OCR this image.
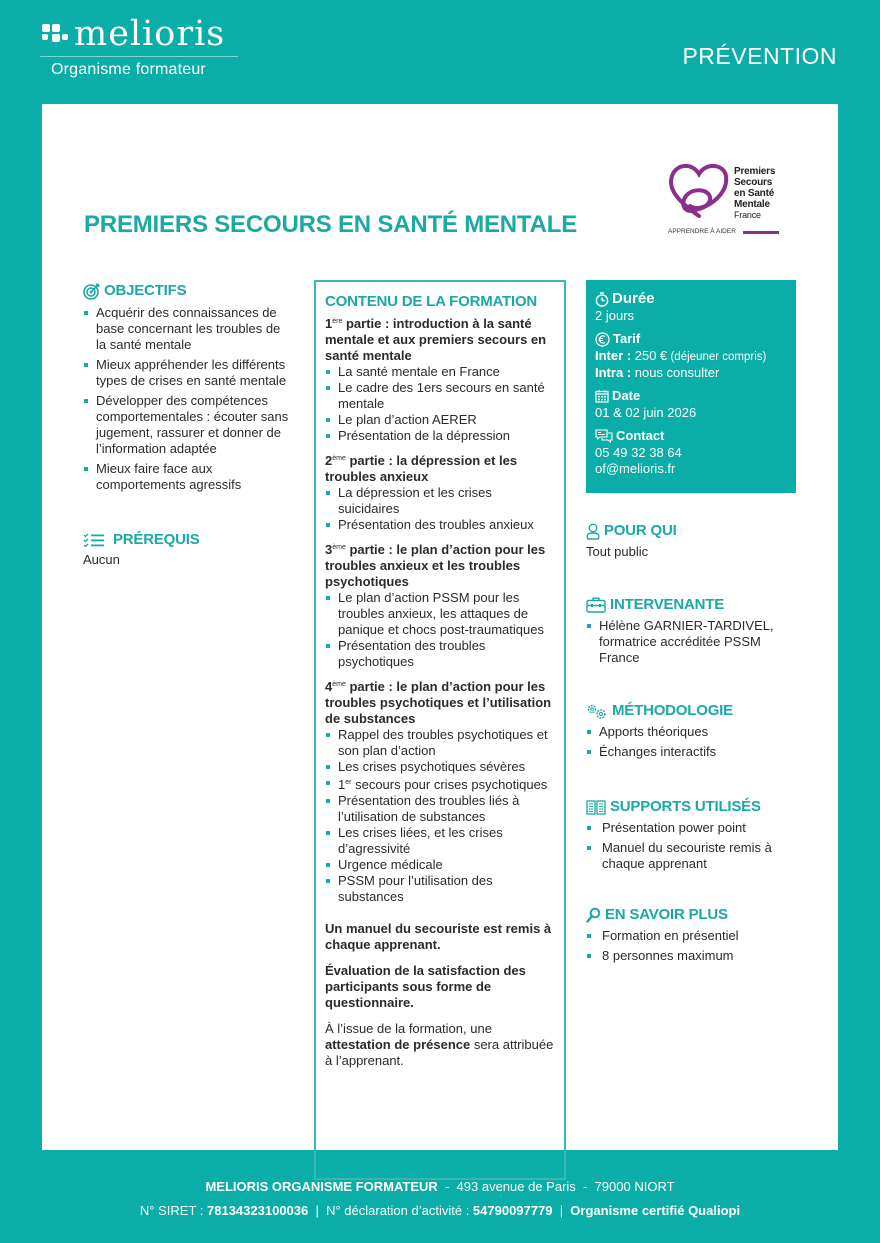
melioris
Organisme formateur
PRÉVENTION
Premiers
Secours
en Santé
Mentale
France
APPRENDRE À AIDER
PREMIERS SECOURS EN SANTÉ MENTALE
OBJECTIFS
Acquérir des connaissances de base concernant les troubles de la santé mentale
Mieux appréhender les différents types de crises en santé mentale
Développer des compétences comportementales : écouter sans jugement, rassurer et donner de l’information adaptée
Mieux faire face aux comportements agressifs
PRÉREQUIS
Aucun
CONTENU DE LA FORMATION
1ère partie : introduction à la santé mentale et aux premiers secours en santé mentale
La santé mentale en France
Le cadre des 1ers secours en santé mentale
Le plan d’action AERER
Présentation de la dépression
2ème partie : la dépression et les troubles anxieux
La dépression et les crises suicidaires
Présentation des troubles anxieux
3ème partie : le plan d’action pour les troubles anxieux et les troubles psychotiques
Le plan d’action PSSM pour les troubles anxieux, les attaques de panique et chocs post-traumatiques
Présentation des troubles psychotiques
4ème partie : le plan d’action pour les troubles psychotiques et l’utilisation de substances
Rappel des troubles psychotiques et son plan d’action
Les crises psychotiques sévères
1er secours pour crises psychotiques
Présentation des troubles liés à l’utilisation de substances
Les crises liées, et les crises d’agressivité
Urgence médicale
PSSM pour l’utilisation des substances
Un manuel du secouriste est remis à chaque apprenant.
Évaluation de la satisfaction des participants sous forme de questionnaire.
À l’issue de la formation, une attestation de présence sera attribuée à l’apprenant.
Durée
2 jours
Tarif
Inter : 250 € (déjeuner compris)
Intra : nous consulter
Date
01 & 02 juin 2026
Contact
05 49 32 38 64
of@melioris.fr
POUR QUI
Tout public
INTERVENANTE
Hélène GARNIER-TARDIVEL, formatrice accréditée PSSM France
MÉTHODOLOGIE
Apports théoriques
Échanges interactifs
SUPPORTS UTILISÉS
Présentation power point
Manuel du secouriste remis à chaque apprenant
EN SAVOIR PLUS
Formation en présentiel
8 personnes maximum
MELIORIS ORGANISME FORMATEUR  -  493 avenue de Paris  -  79000 NIORT
N° SIRET : 78134323100036  |  N° déclaration d’activité : 54790097779  |  Organisme certifié Qualiopi
